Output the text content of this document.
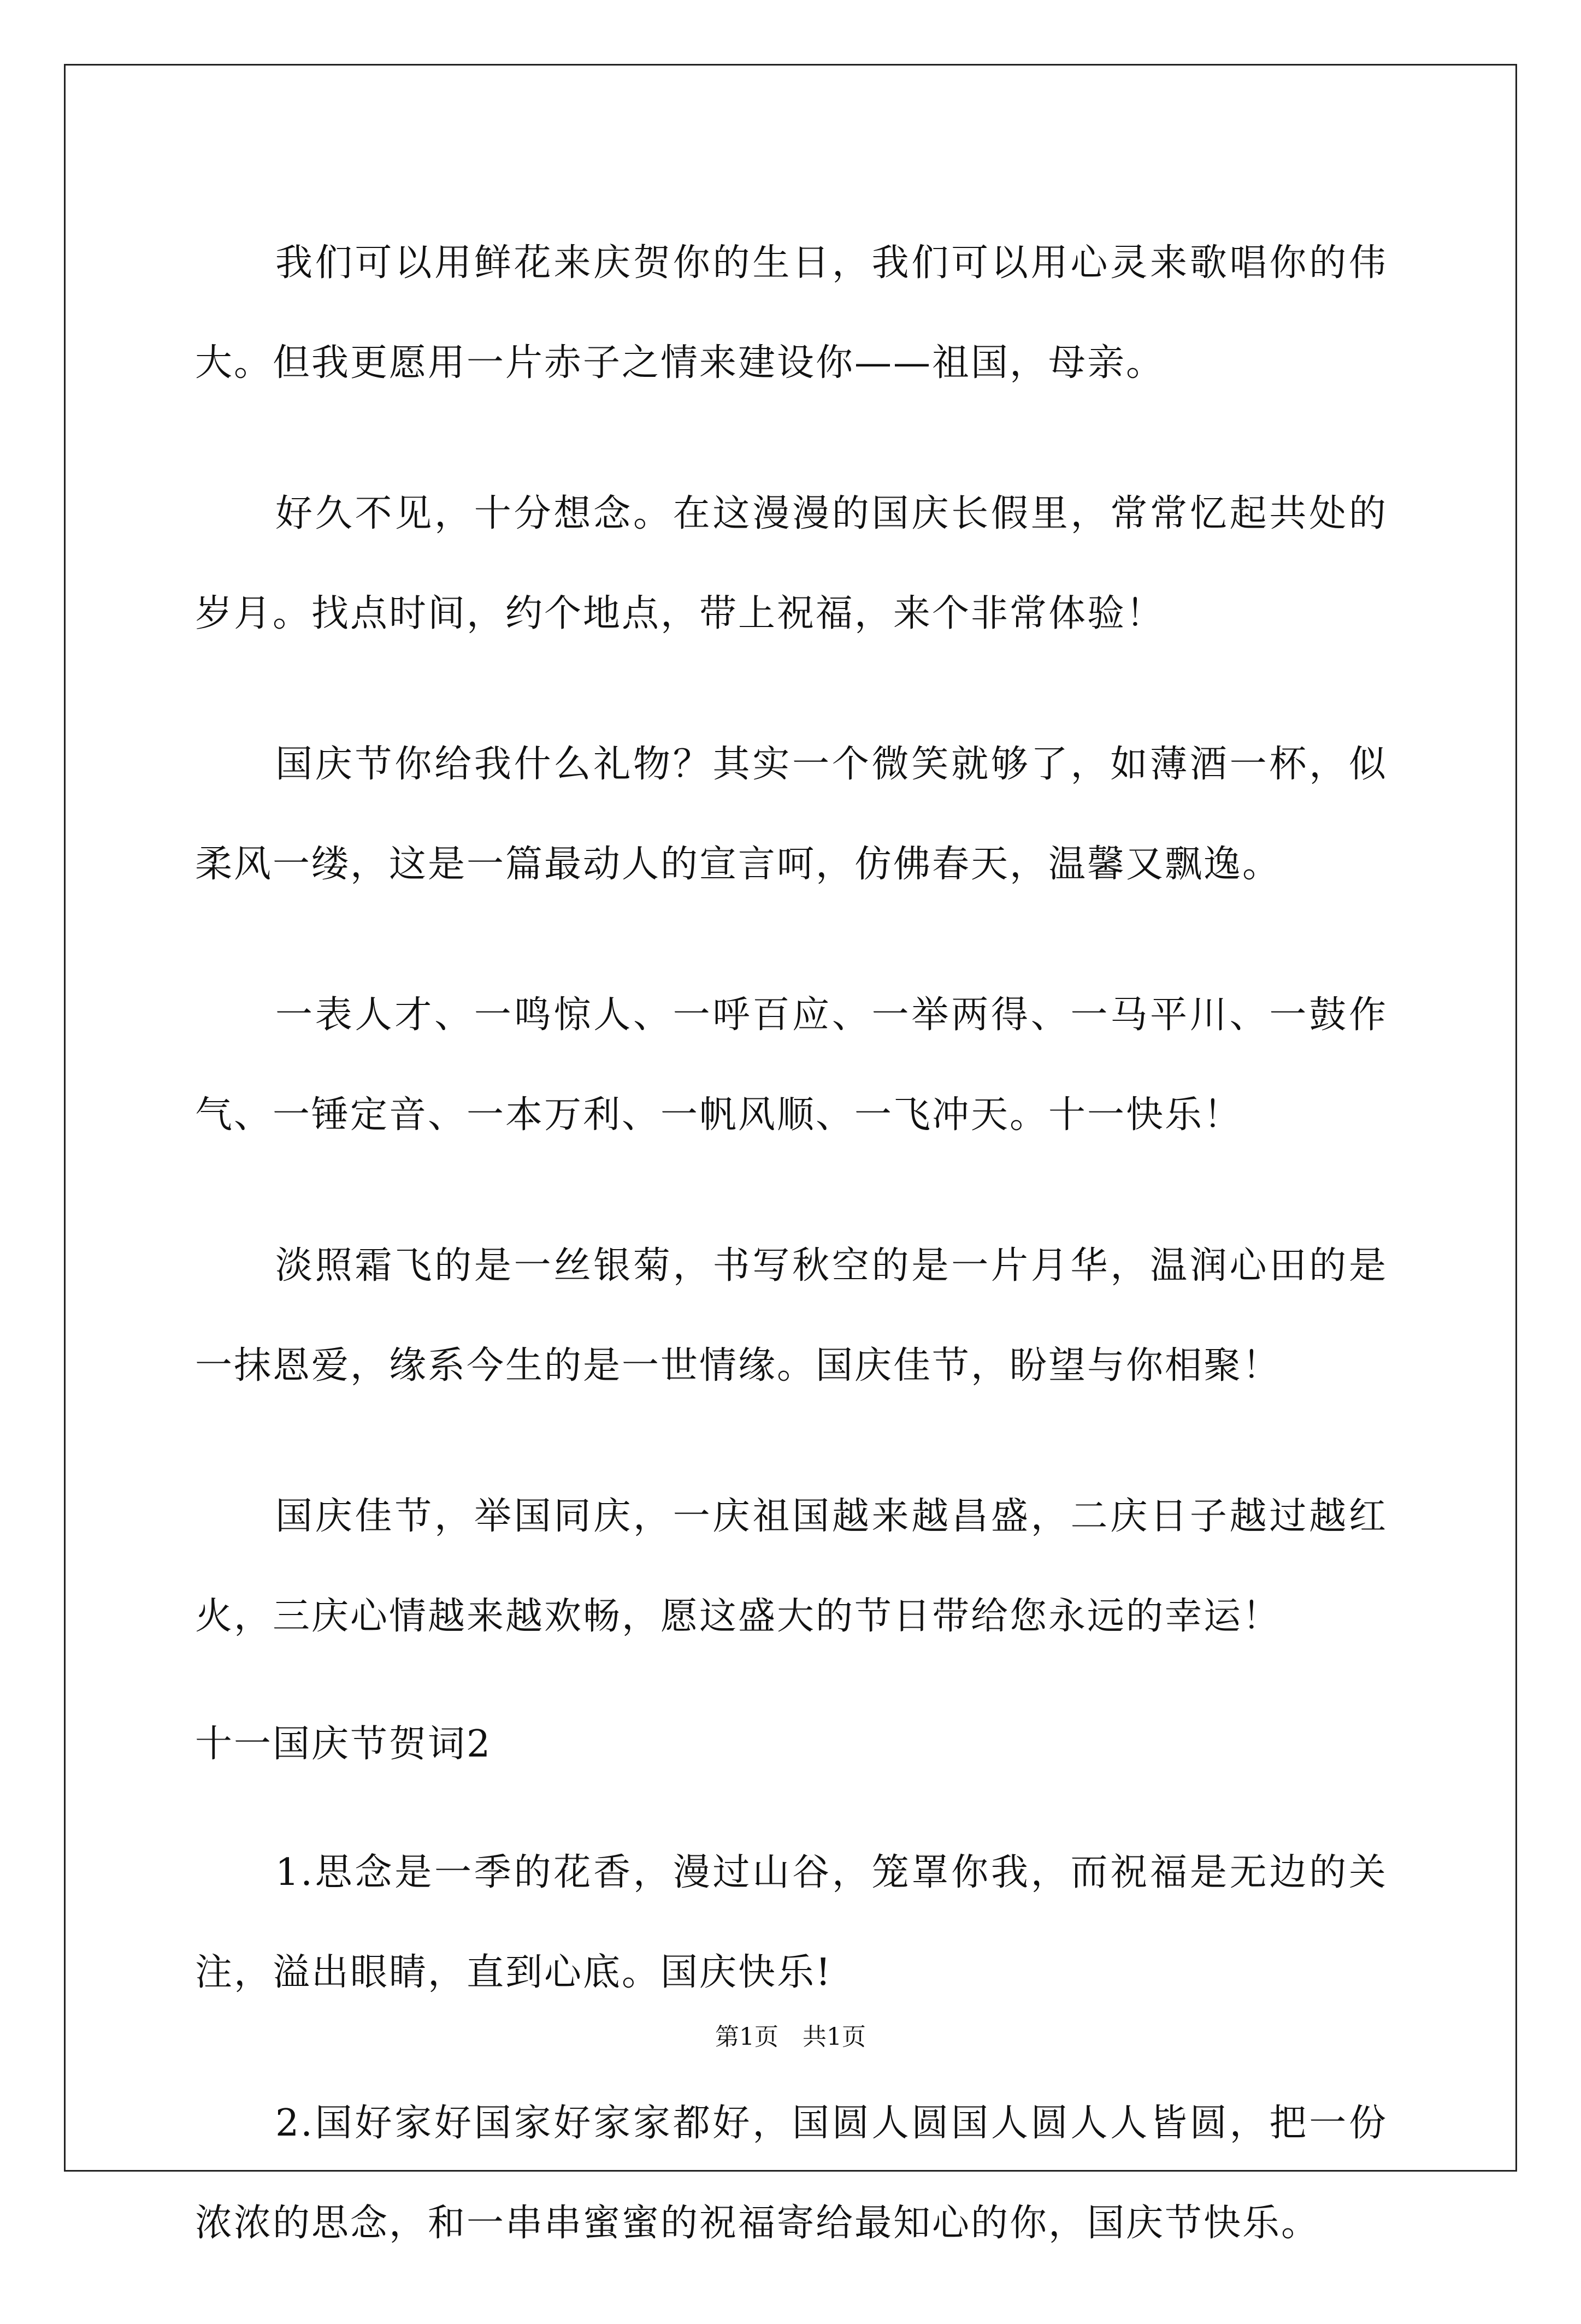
我们可以用鲜花来庆贺你的生日，我们可以用心灵来歌唱你的伟大。但我更愿用一片赤子之情来建设你——祖国，母亲。

好久不见，十分想念。在这漫漫的国庆长假里，常常忆起共处的岁月。找点时间，约个地点，带上祝福，来个非常体验！

国庆节你给我什么礼物？其实一个微笑就够了，如薄酒一杯，似柔风一缕，这是一篇最动人的宣言呵，仿佛春天，温馨又飘逸。

一表人才、一鸣惊人、一呼百应、一举两得、一马平川、一鼓作气、一锤定音、一本万利、一帆风顺、一飞冲天。十一快乐！

淡照霜飞的是一丝银菊，书写秋空的是一片月华，温润心田的是一抹恩爱，缘系今生的是一世情缘。国庆佳节，盼望与你相聚！

国庆佳节，举国同庆，一庆祖国越来越昌盛，二庆日子越过越红火，三庆心情越来越欢畅，愿这盛大的节日带给您永远的幸运！

十一国庆节贺词2

1.思念是一季的花香，漫过山谷，笼罩你我，而祝福是无边的关注，溢出眼睛，直到心底。国庆快乐!

2.国好家好国家好家家都好，国圆人圆国人圆人人皆圆，把一份浓浓的思念，和一串串蜜蜜的祝福寄给最知心的你，国庆节快乐。

第1页　共1页
